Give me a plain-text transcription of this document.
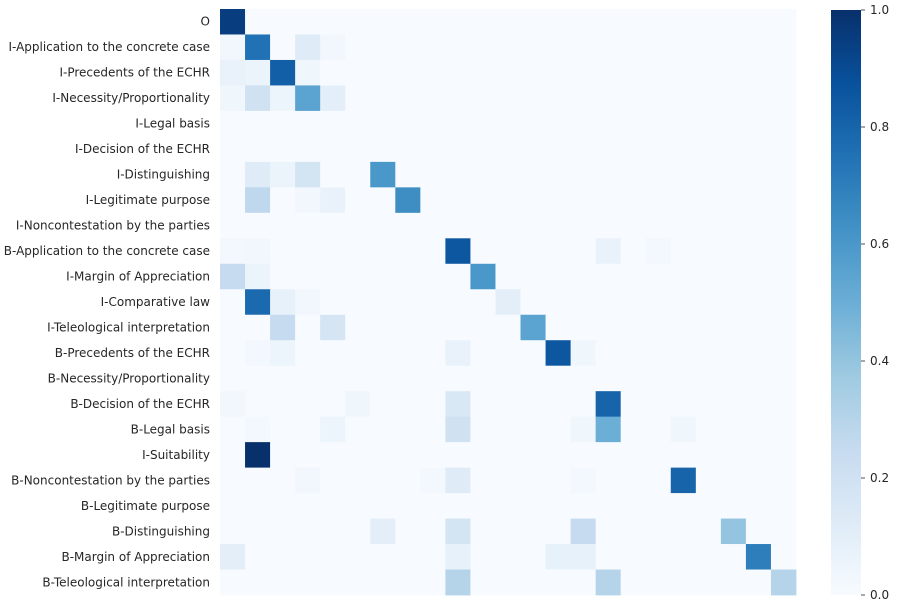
O
I-Application to the concrete case
I-Precedents of the ECHR
I-Necessity/Proportionality
I-Legal basis
I-Decision of the ECHR
I-Distinguishing
I-Legitimate purpose
I-Noncontestation by the parties
B-Application to the concrete case
I-Margin of Appreciation
I-Comparative law
I-Teleological interpretation
B-Precedents of the ECHR
B-Necessity/Proportionality
B-Decision of the ECHR
B-Legal basis
I-Suitability
B-Noncontestation by the parties
B-Legitimate purpose
B-Distinguishing
B-Margin of Appreciation
B-Teleological interpretation
0.0
0.2
0.4
0.6
0.8
1.0
